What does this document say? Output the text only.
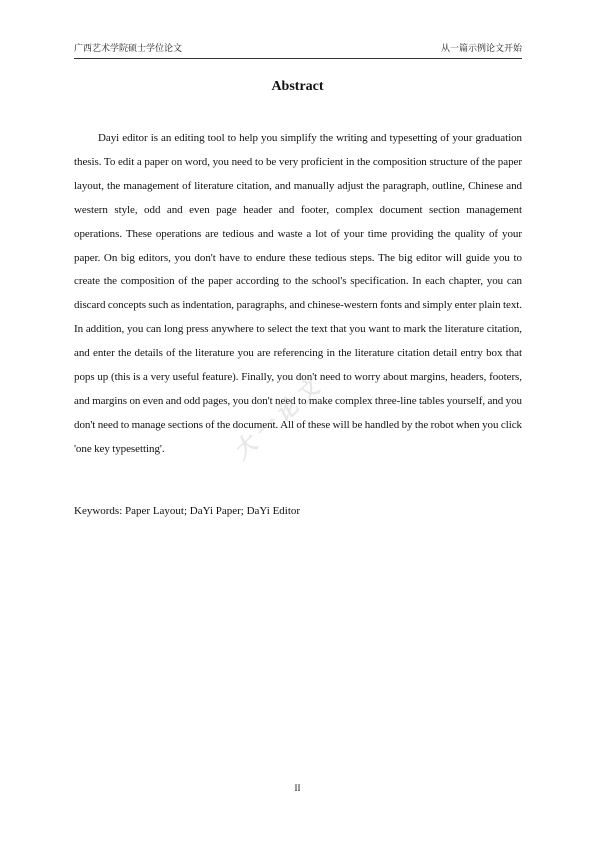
广西艺术学院硕士学位论文	从一篇示例论文开始
Abstract

Dayi editor is an editing tool to help you simplify the writing and typesetting of your graduation thesis. To edit a paper on word, you need to be very proficient in the composition structure of the paper layout, the management of literature citation, and manually adjust the paragraph, outline, Chinese and western style, odd and even page header and footer, complex document section management operations. These operations are tedious and waste a lot of your time providing the quality of your paper. On big editors, you don't have to endure these tedious steps. The big editor will guide you to create the composition of the paper according to the school's specification. In each chapter, you can discard concepts such as indentation, paragraphs, and chinese-western fonts and simply enter plain text. In addition, you can long press anywhere to select the text that you want to mark the literature citation, and enter the details of the literature you are referencing in the literature citation detail entry box that pops up (this is a very useful feature). Finally, you don't need to worry about margins, headers, footers, and margins on even and odd pages, you don't need to make complex three-line tables yourself, and you don't need to manage sections of the document. All of these will be handled by the robot when you click 'one key typesetting'.

Keywords: Paper Layout; DaYi Paper; DaYi Editor

大一论文
II
